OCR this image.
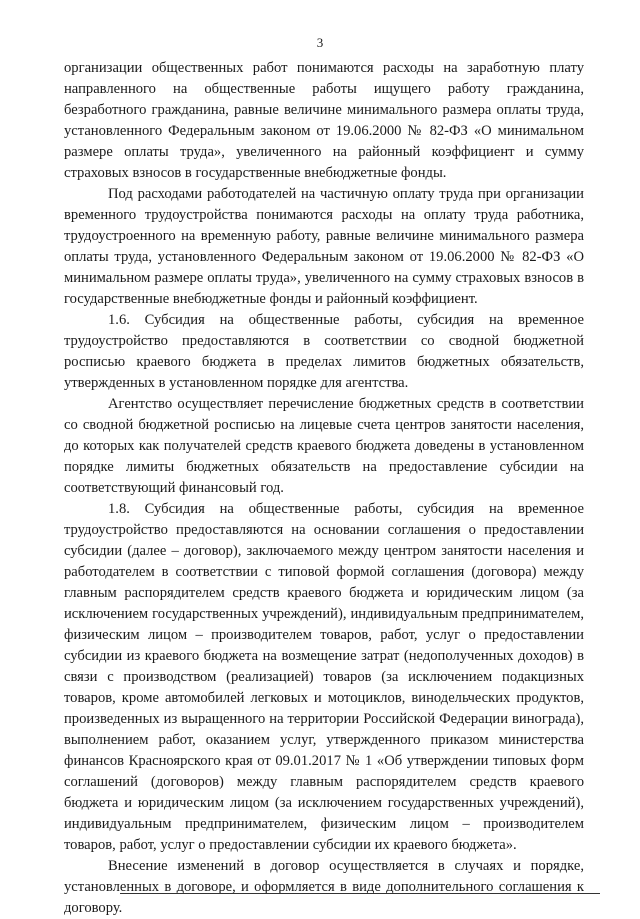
3

организации общественных работ понимаются расходы на заработную плату направленного на общественные работы ищущего работу гражданина, безработного гражданина, равные величине минимального размера оплаты труда, установленного Федеральным законом от 19.06.2000 № 82-ФЗ «О минимальном размере оплаты труда», увеличенного на районный коэффициент и сумму страховых взносов в государственные внебюджетные фонды.

Под расходами работодателей на частичную оплату труда при организации временного трудоустройства понимаются расходы на оплату труда работника, трудоустроенного на временную работу, равные величине минимального размера оплаты труда, установленного Федеральным законом от 19.06.2000 № 82-ФЗ «О минимальном размере оплаты труда», увеличенного на сумму страховых взносов в государственные внебюджетные фонды и районный коэффициент.

1.6. Субсидия на общественные работы, субсидия на временное трудоустройство предоставляются в соответствии со сводной бюджетной росписью краевого бюджета в пределах лимитов бюджетных обязательств, утвержденных в установленном порядке для агентства.

Агентство осуществляет перечисление бюджетных средств в соответствии со сводной бюджетной росписью на лицевые счета центров занятости населения, до которых как получателей средств краевого бюджета доведены в установленном порядке лимиты бюджетных обязательств на предоставление субсидии на соответствующий финансовый год.

1.8. Субсидия на общественные работы, субсидия на временное трудоустройство предоставляются на основании соглашения о предоставлении субсидии (далее – договор), заключаемого между центром занятости населения и работодателем в соответствии с типовой формой соглашения (договора) между главным распорядителем средств краевого бюджета и юридическим лицом (за исключением государственных учреждений), индивидуальным предпринимателем, физическим лицом – производителем товаров, работ, услуг о предоставлении субсидии из краевого бюджета на возмещение затрат (недополученных доходов) в связи с производством (реализацией) товаров (за исключением подакцизных товаров, кроме автомобилей легковых и мотоциклов, винодельческих продуктов, произведенных из выращенного на территории Российской Федерации винограда), выполнением работ, оказанием услуг, утвержденного приказом министерства финансов Красноярского края от 09.01.2017 № 1 «Об утверждении типовых форм соглашений (договоров) между главным распорядителем средств краевого бюджета и юридическим лицом (за исключением государственных учреждений), индивидуальным предпринимателем, физическим лицом – производителем товаров, работ, услуг о предоставлении субсидии их краевого бюджета».

Внесение изменений в договор осуществляется в случаях и порядке, установленных в договоре, и оформляется в виде дополнительного соглашения к договору.
